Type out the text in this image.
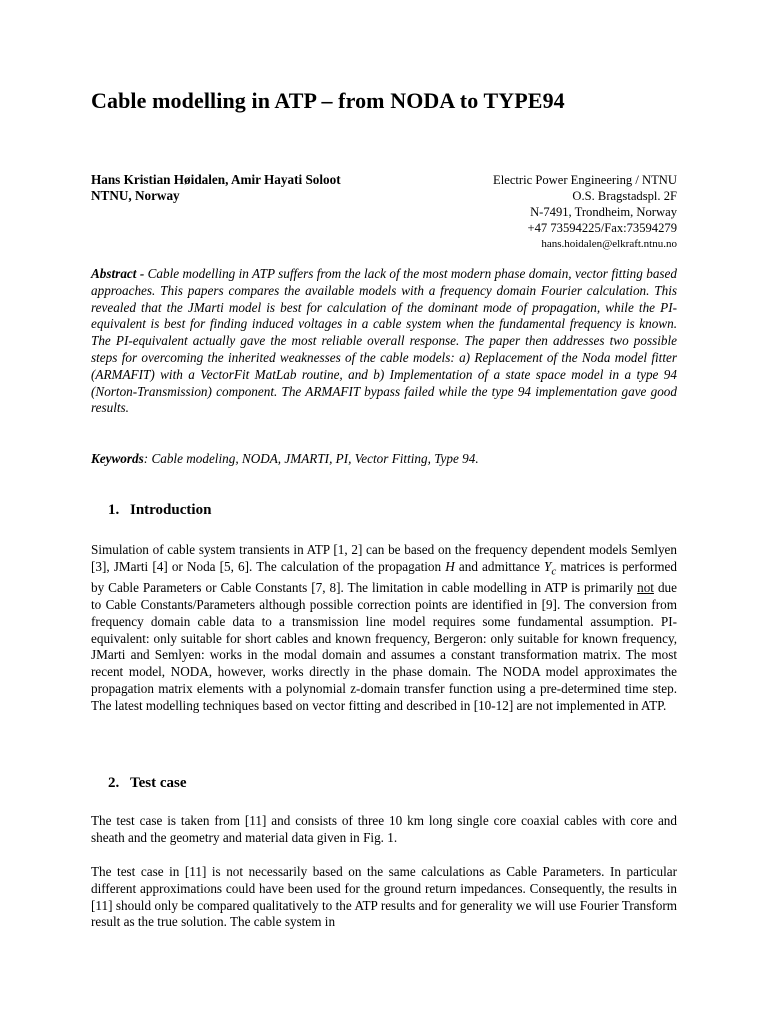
Cable modelling in ATP – from NODA to TYPE94
Hans Kristian Høidalen, Amir Hayati Soloot
NTNU, Norway
Electric Power Engineering / NTNU
O.S. Bragstadspl. 2F
N-7491, Trondheim, Norway
+47 73594225/Fax:73594279
hans.hoidalen@elkraft.ntnu.no

Abstract - Cable modelling in ATP suffers from the lack of the most modern phase domain, vector fitting based approaches. This papers compares the available models with a frequency domain Fourier calculation. This revealed that the JMarti model is best for calculation of the dominant mode of propagation, while the PI-equivalent is best for finding induced voltages in a cable system when the fundamental frequency is known. The PI-equivalent actually gave the most reliable overall response. The paper then addresses two possible steps for overcoming the inherited weaknesses of the cable models: a) Replacement of the Noda model fitter (ARMAFIT) with a VectorFit MatLab routine, and b) Implementation of a state space model in a type 94 (Norton-Transmission) component. The ARMAFIT bypass failed while the type 94 implementation gave good results.

Keywords: Cable modeling, NODA, JMARTI, PI, Vector Fitting, Type 94.

1. Introduction

Simulation of cable system transients in ATP [1, 2] can be based on the frequency dependent models Semlyen [3], JMarti [4] or Noda [5, 6]. The calculation of the propagation H and admittance $Y_c$ matrices is performed by Cable Parameters or Cable Constants [7, 8]. The limitation in cable modelling in ATP is primarily not due to Cable Constants/Parameters although possible correction points are identified in [9]. The conversion from frequency domain cable data to a transmission line model requires some fundamental assumption. PI-equivalent: only suitable for short cables and known frequency, Bergeron: only suitable for known frequency, JMarti and Semlyen: works in the modal domain and assumes a constant transformation matrix. The most recent model, NODA, however, works directly in the phase domain. The NODA model approximates the propagation matrix elements with a polynomial z-domain transfer function using a pre-determined time step. The latest modelling techniques based on vector fitting and described in [10-12] are not implemented in ATP.

2. Test case

The test case is taken from [11] and consists of three 10 km long single core coaxial cables with core and sheath and the geometry and material data given in Fig. 1.

The test case in [11] is not necessarily based on the same calculations as Cable Parameters. In particular different approximations could have been used for the ground return impedances. Consequently, the results in [11] should only be compared qualitatively to the ATP results and for generality we will use Fourier Transform result as the true solution. The cable system in
